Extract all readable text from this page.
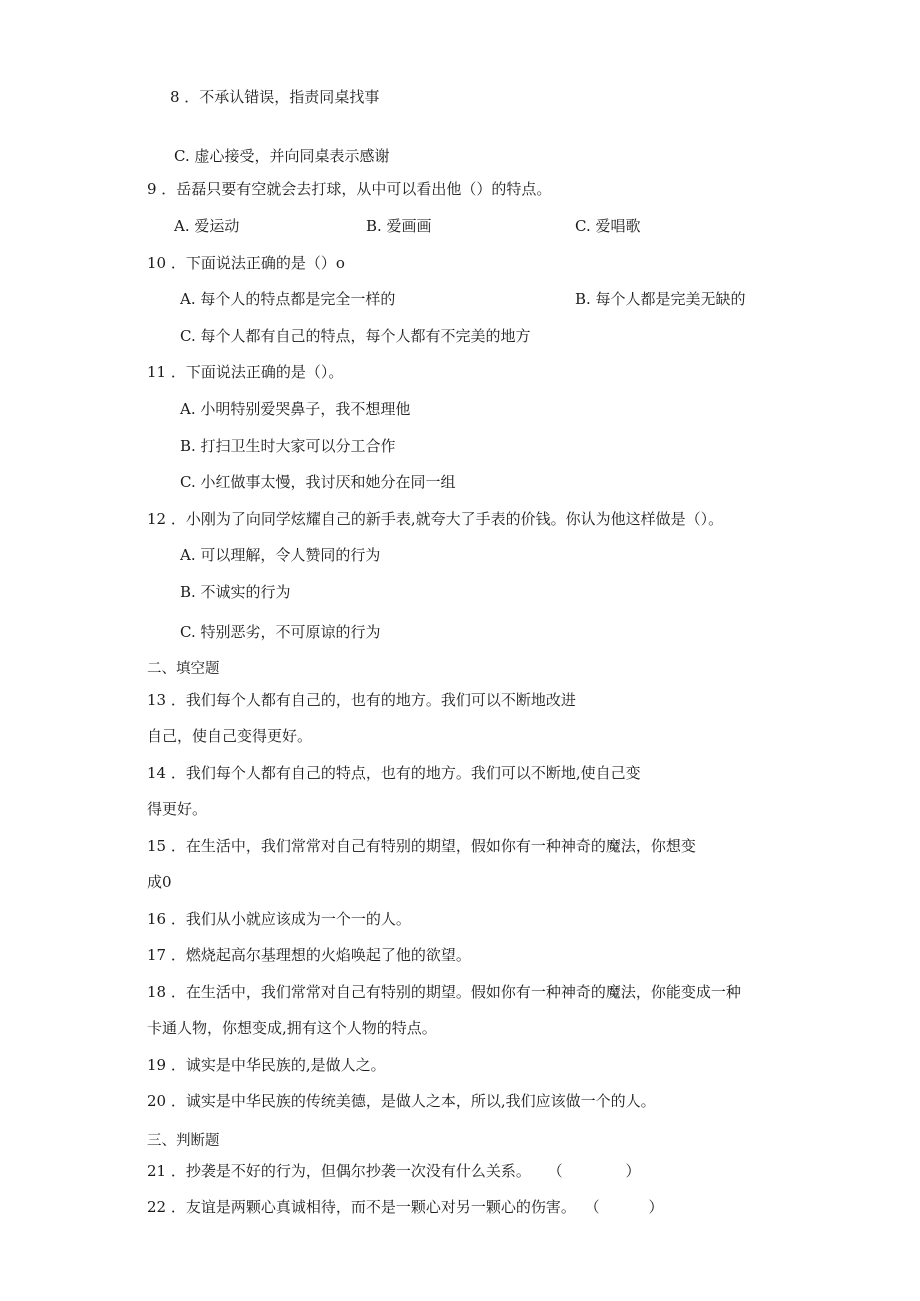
8 ．不承认错误，指责同桌找事
C. 虚心接受，并向同桌表示感谢
9 ．岳磊只要有空就会去打球，从中可以看出他（）的特点。
A. 爱运动	B. 爱画画	C. 爱唱歌
10 ．下面说法正确的是（）o
A. 每个人的特点都是完全一样的	B. 每个人都是完美无缺的
C. 每个人都有自己的特点，每个人都有不完美的地方
11 ．下面说法正确的是（）。
A. 小明特别爱哭鼻子，我不想理他
B. 打扫卫生时大家可以分工合作
C. 小红做事太慢，我讨厌和她分在同一组
12 ．小刚为了向同学炫耀自己的新手表,就夸大了手表的价钱。你认为他这样做是（）。
A. 可以理解，令人赞同的行为
B. 不诚实的行为
C. 特别恶劣，不可原谅的行为
二、填空题
13 ．我们每个人都有自己的，也有的地方。我们可以不断地改进
自己，使自己变得更好。
14 ．我们每个人都有自己的特点，也有的地方。我们可以不断地,使自己变
得更好。
15 ．在生活中，我们常常对自己有特别的期望，假如你有一种神奇的魔法，你想变
成0
16 ．我们从小就应该成为一个一的人。
17 ．燃烧起高尔基理想的火焰唤起了他的欲望。
18 ．在生活中，我们常常对自己有特别的期望。假如你有一种神奇的魔法，你能变成一种
卡通人物，你想变成,拥有这个人物的特点。
19 ．诚实是中华民族的,是做人之。
20 ．诚实是中华民族的传统美德，是做人之本，所以,我们应该做一个的人。
三、判断题
21 ．抄袭是不好的行为，但偶尔抄袭一次没有什么关系。 （	）
22 ．友谊是两颗心真诚相待，而不是一颗心对另一颗心的伤害。 （	）
